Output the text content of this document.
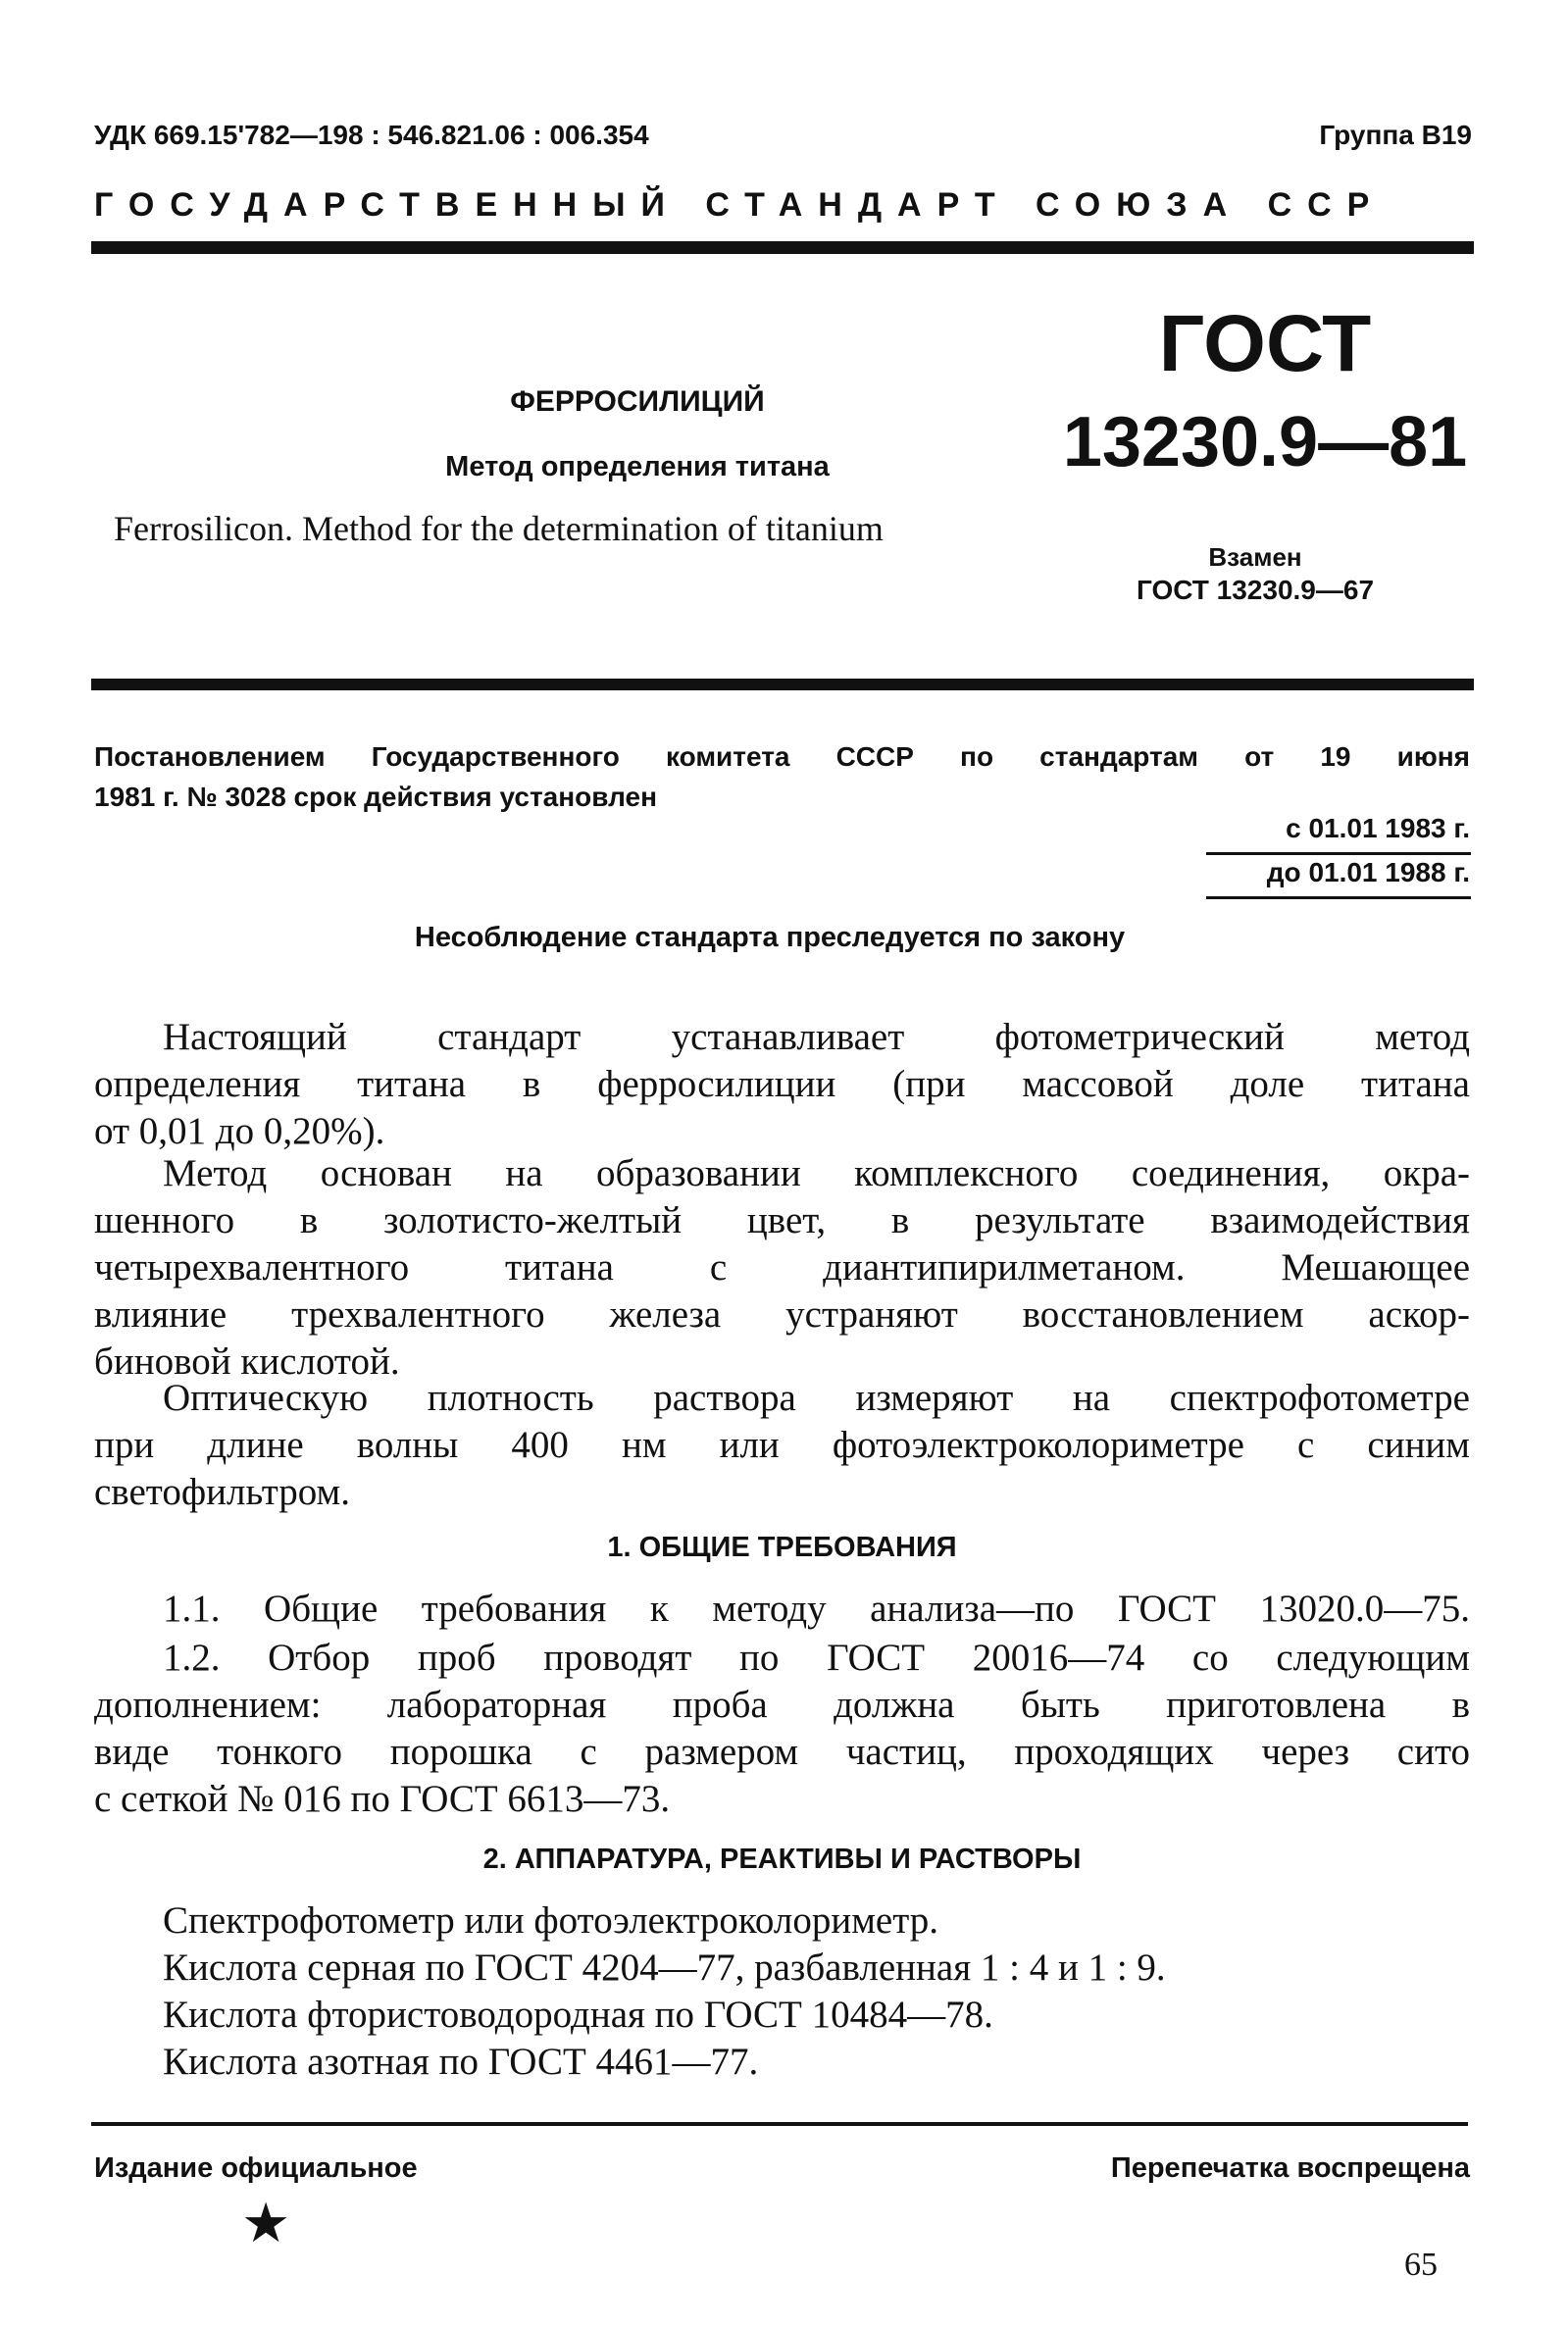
УДК 669.15'782—198 : 546.821.06 : 006.354	Группа В19
ГОСУДАРСТВЕННЫЙ СТАНДАРТ СОЮЗА ССР
ФЕРРОСИЛИЦИЙ
Метод определения титана
Ferrosilicon. Method for the determination of titanium
ГОСТ
13230.9—81
Взамен
ГОСТ 13230.9—67
Постановлением Государственного комитета СССР по стандартам от 19 июня
1981 г. № 3028 срок действия установлен
с 01.01 1983 г.
до 01.01 1988 г.
Несоблюдение стандарта преследуется по закону
Настоящий стандарт устанавливает фотометрический метод
определения титана в ферросилиции (при массовой доле титана
от 0,01 до 0,20%).
Метод основан на образовании комплексного соединения, окра-
шенного в золотисто-желтый цвет, в результате взаимодействия
четырехвалентного титана с диантипирилметаном. Мешающее
влияние трехвалентного железа устраняют восстановлением аскор-
биновой кислотой.
Оптическую плотность раствора измеряют на спектрофотометре
при длине волны 400 нм или фотоэлектроколориметре с синим
светофильтром.
1. ОБЩИЕ ТРЕБОВАНИЯ
1.1. Общие требования к методу анализа—по ГОСТ 13020.0—75.
1.2. Отбор проб проводят по ГОСТ 20016—74 со следующим
дополнением: лабораторная проба должна быть приготовлена в
виде тонкого порошка с размером частиц, проходящих через сито
с сеткой № 016 по ГОСТ 6613—73.
2. АППАРАТУРА, РЕАКТИВЫ И РАСТВОРЫ
Спектрофотометр или фотоэлектроколориметр.
Кислота серная по ГОСТ 4204—77, разбавленная 1 : 4 и 1 : 9.
Кислота фтористоводородная по ГОСТ 10484—78.
Кислота азотная по ГОСТ 4461—77.
Издание официальное	Перепечатка воспрещена
★
65
